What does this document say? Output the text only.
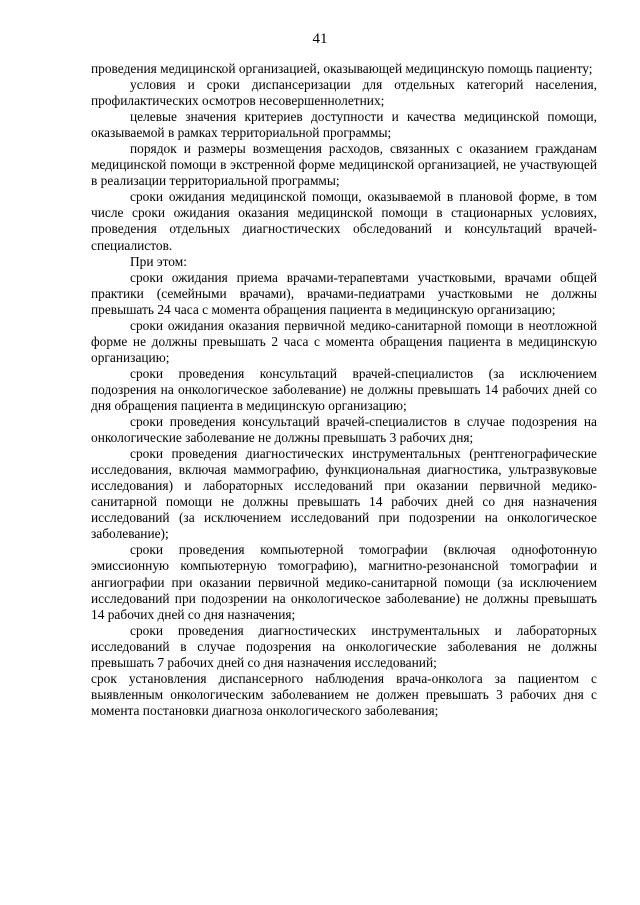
41

проведения медицинской организацией, оказывающей медицинскую помощь пациенту;

условия и сроки диспансеризации для отдельных категорий населения, профилактических осмотров несовершеннолетних;

целевые значения критериев доступности и качества медицинской помощи, оказываемой в рамках территориальной программы;

порядок и размеры возмещения расходов, связанных с оказанием гражданам медицинской помощи в экстренной форме медицинской организацией, не участвующей в реализации территориальной программы;

сроки ожидания медицинской помощи, оказываемой в плановой форме, в том числе сроки ожидания оказания медицинской помощи в стационарных условиях, проведения отдельных диагностических обследований и консультаций врачей-специалистов.

При этом:

сроки ожидания приема врачами-терапевтами участковыми, врачами общей практики (семейными врачами), врачами-педиатрами участковыми не должны превышать 24 часа с момента обращения пациента в медицинскую организацию;

сроки ожидания оказания первичной медико-санитарной помощи в неотложной форме не должны превышать 2 часа с момента обращения пациента в медицинскую организацию;

сроки проведения консультаций врачей-специалистов (за исключением подозрения на онкологическое заболевание) не должны превышать 14 рабочих дней со дня обращения пациента в медицинскую организацию;

сроки проведения консультаций врачей-специалистов в случае подозрения на онкологические заболевание не должны превышать 3 рабочих дня;

сроки проведения диагностических инструментальных (рентгенографические исследования, включая маммографию, функциональная диагностика, ультразвуковые исследования) и лабораторных исследований при оказании первичной медико-санитарной помощи не должны превышать 14 рабочих дней со дня назначения исследований (за исключением исследований при подозрении на онкологическое заболевание);

сроки проведения компьютерной томографии (включая однофотонную эмиссионную компьютерную томографию), магнитно-резонансной томографии и ангиографии при оказании первичной медико-санитарной помощи (за исключением исследований при подозрении на онкологическое заболевание) не должны превышать 14 рабочих дней со дня назначения;

сроки проведения диагностических инструментальных и лабораторных исследований в случае подозрения на онкологические заболевания не должны превышать 7 рабочих дней со дня назначения исследований;

срок установления диспансерного наблюдения врача-онколога за пациентом с выявленным онкологическим заболеванием не должен превышать 3 рабочих дня с момента постановки диагноза онкологического заболевания;
